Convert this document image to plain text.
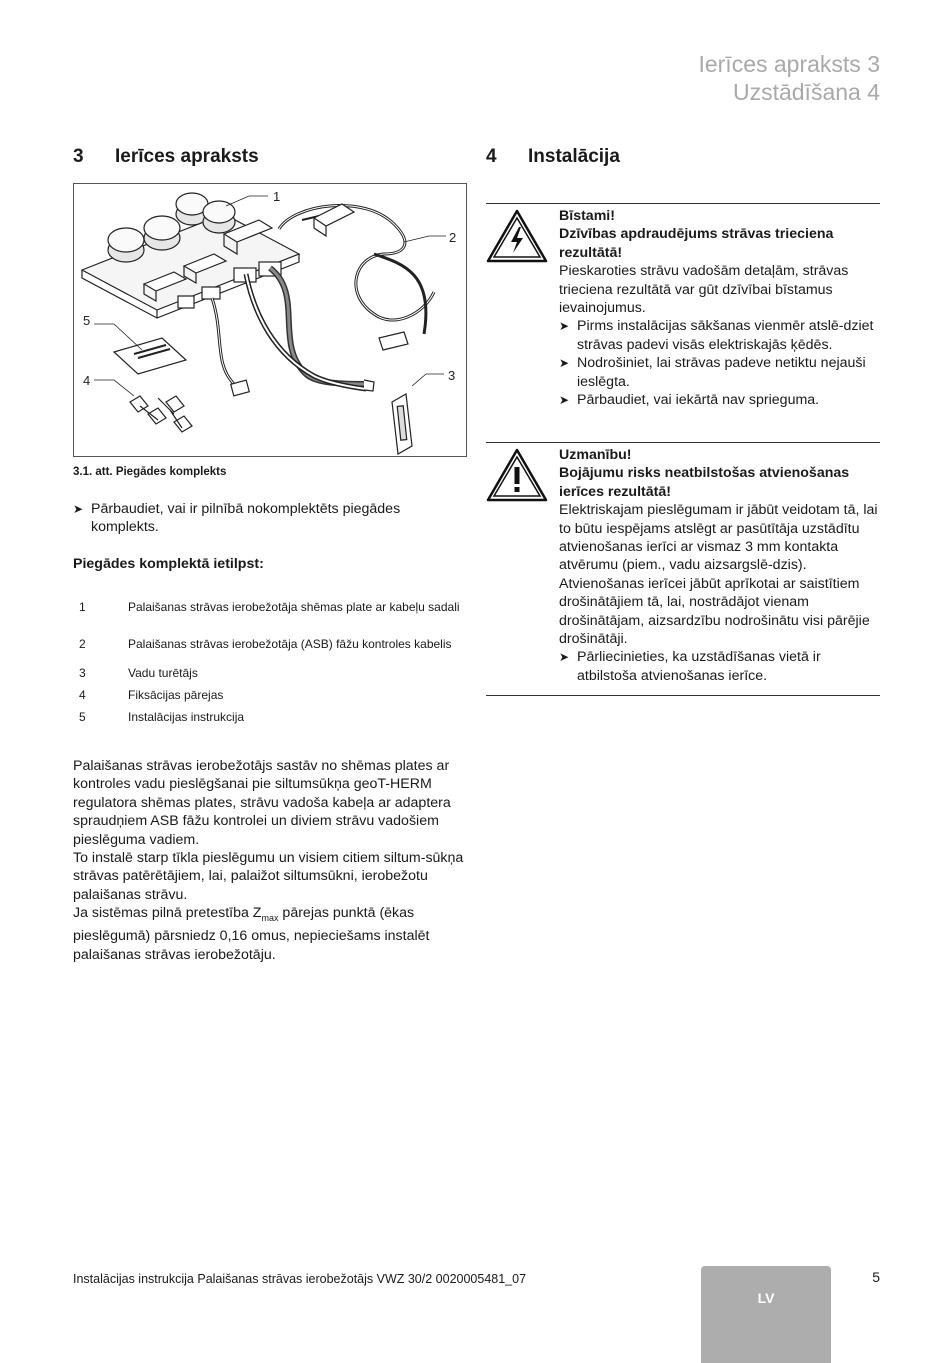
Ierīces apraksts 3
Uzstādīšana 4
3 Ierīces apraksts
1
2
3
4
5
3.1. att. Piegādes komplekts
➤ Pārbaudiet, vai ir pilnībā nokomplektēts piegādes komplekts.
Piegādes komplektā ietilpst:
1	Palaišanas strāvas ierobežotāja shēmas plate ar kabeļu sadali
2	Palaišanas strāvas ierobežotāja (ASB) fāžu kontroles kabelis
3	Vadu turētājs
4	Fiksācijas pārejas
5	Instalācijas instrukcija

Palaišanas strāvas ierobežotājs sastāv no shēmas plates ar kontroles vadu pieslēgšanai pie siltumsūkņa geoT-HERM regulatora shēmas plates, strāvu vadoša kabeļa ar adaptera spraudņiem ASB fāžu kontrolei un diviem strāvu vadošiem pieslēguma vadiem.

To instalē starp tīkla pieslēgumu un visiem citiem siltum-sūkņa strāvas patērētājiem, lai, palaižot siltumsūkni, ierobežotu palaišanas strāvu.

Ja sistēmas pilnā pretestība $Z_{max}$ pārejas punktā (ēkas pieslēgumā) pārsniedz 0,16 omus, nepieciešams instalēt palaišanas strāvas ierobežotāju.

4 Instalācija
Bīstami!
Dzīvības apdraudējums strāvas trieciena rezultātā!
Pieskaroties strāvu vadošām detaļām, strāvas trieciena rezultātā var gūt dzīvībai bīstamus ievainojumus.
➤ Pirms instalācijas sākšanas vienmēr atslē-dziet strāvas padevi visās elektriskajās ķēdēs.
➤ Nodrošiniet, lai strāvas padeve netiktu nejauši ieslēgta.
➤ Pārbaudiet, vai iekārtā nav sprieguma.
Uzmanību!
Bojājumu risks neatbilstošas atvienošanas ierīces rezultātā!
Elektriskajam pieslēgumam ir jābūt veidotam tā, lai to būtu iespējams atslēgt ar pasūtītāja uzstādītu atvienošanas ierīci ar vismaz 3 mm kontakta atvērumu (piem., vadu aizsargslē-dzis). Atvienošanas ierīcei jābūt aprīkotai ar saistītiem drošinātājiem tā, lai, nostrādājot vienam drošinātājam, aizsardzību nodrošinātu visi pārējie drošinātāji.
➤ Pārliecinieties, ka uzstādīšanas vietā ir atbilstoša atvienošanas ierīce.
Instalācijas instrukcija Palaišanas strāvas ierobežotājs VWZ 30/2 0020005481_07	5
LV
